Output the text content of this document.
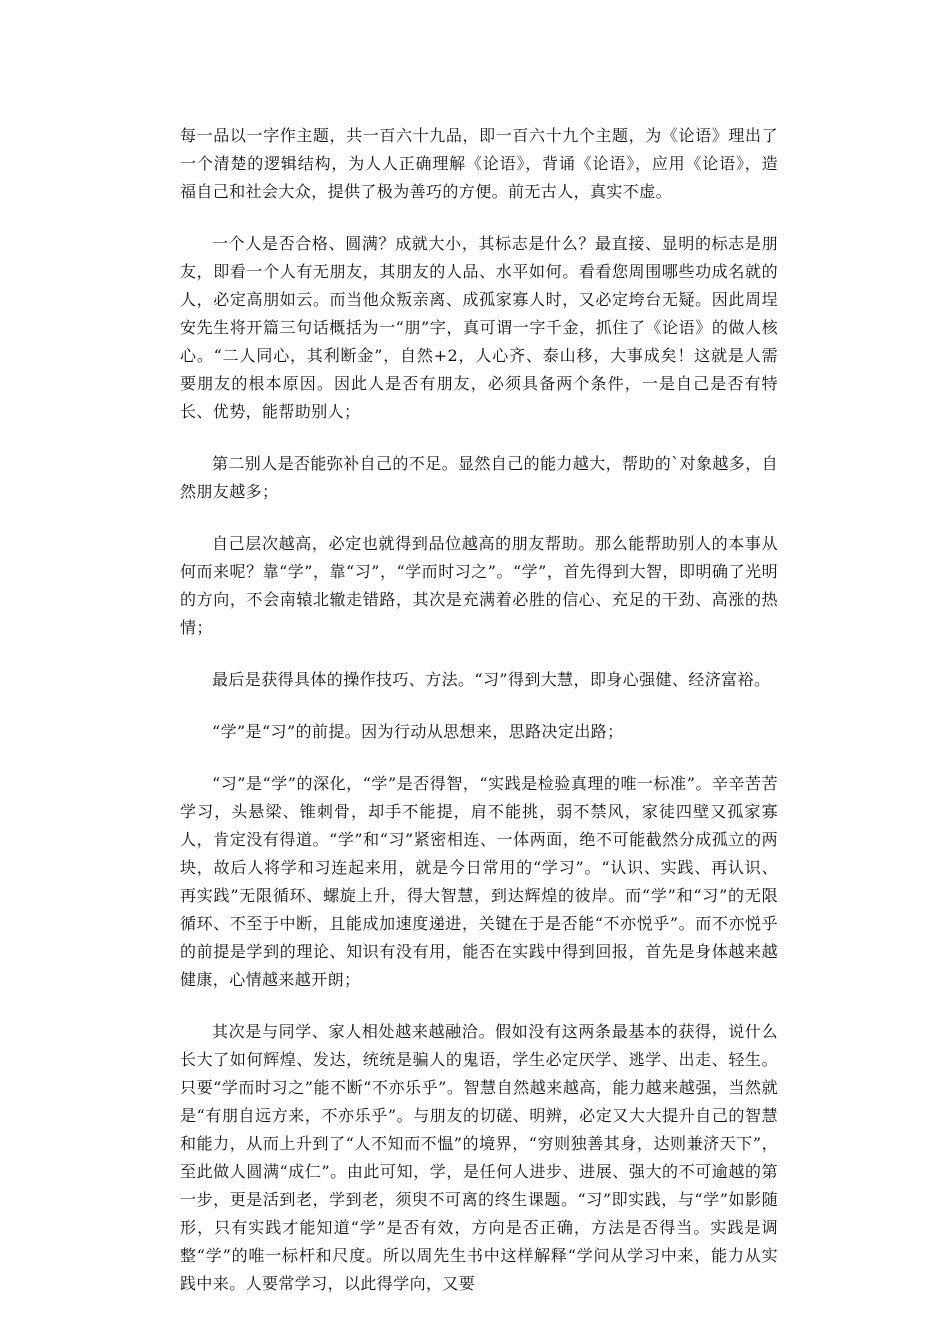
每一品以一字作主题，共一百六十九品，即一百六十九个主题，为《论语》理出了一个清楚的逻辑结构，为人人正确理解《论语》，背诵《论语》，应用《论语》，造福自己和社会大众，提供了极为善巧的方便。前无古人，真实不虚。

一个人是否合格、圆满？成就大小，其标志是什么？最直接、显明的标志是朋友，即看一个人有无朋友，其朋友的人品、水平如何。看看您周围哪些功成名就的人，必定高朋如云。而当他众叛亲离、成孤家寡人时，又必定垮台无疑。因此周埕安先生将开篇三句话概括为一“朋”字，真可谓一字千金，抓住了《论语》的做人核心。“二人同心，其利断金”，自然+2，人心齐、泰山移，大事成矣！这就是人需要朋友的根本原因。因此人是否有朋友，必须具备两个条件，一是自己是否有特长、优势，能帮助别人；

第二别人是否能弥补自己的不足。显然自己的能力越大，帮助的`对象越多，自然朋友越多；

自己层次越高，必定也就得到品位越高的朋友帮助。那么能帮助别人的本事从何而来呢？靠“学”，靠“习”，“学而时习之”。“学”，首先得到大智，即明确了光明的方向，不会南辕北辙走错路，其次是充满着必胜的信心、充足的干劲、高涨的热情；

最后是获得具体的操作技巧、方法。“习”得到大慧，即身心强健、经济富裕。

“学”是“习”的前提。因为行动从思想来，思路决定出路；

“习”是“学”的深化，“学”是否得智，“实践是检验真理的唯一标准”。辛辛苦苦学习，头悬梁、锥刺骨，却手不能提，肩不能挑，弱不禁风，家徒四壁又孤家寡人，肯定没有得道。“学”和“习”紧密相连、一体两面，绝不可能截然分成孤立的两块，故后人将学和习连起来用，就是今日常用的“学习”。“认识、实践、再认识、再实践”无限循环、螺旋上升，得大智慧，到达辉煌的彼岸。而“学”和“习”的无限循环、不至于中断，且能成加速度递进，关键在于是否能“不亦悦乎”。而不亦悦乎的前提是学到的理论、知识有没有用，能否在实践中得到回报，首先是身体越来越健康，心情越来越开朗；

其次是与同学、家人相处越来越融洽。假如没有这两条最基本的获得，说什么长大了如何辉煌、发达，统统是骗人的鬼语，学生必定厌学、逃学、出走、轻生。只要“学而时习之”能不断“不亦乐乎”。智慧自然越来越高，能力越来越强，当然就是“有朋自远方来，不亦乐乎”。与朋友的切磋、明辨，必定又大大提升自己的智慧和能力，从而上升到了“人不知而不愠”的境界，“穷则独善其身，达则兼济天下”，至此做人圆满“成仁”。由此可知，学，是任何人进步、进展、强大的不可逾越的第一步，更是活到老，学到老，须臾不可离的终生课题。“习”即实践，与“学”如影随形，只有实践才能知道“学”是否有效，方向是否正确，方法是否得当。实践是调整“学”的唯一标杆和尺度。所以周先生书中这样解释“学问从学习中来，能力从实践中来。人要常学习，以此得学向，又要
